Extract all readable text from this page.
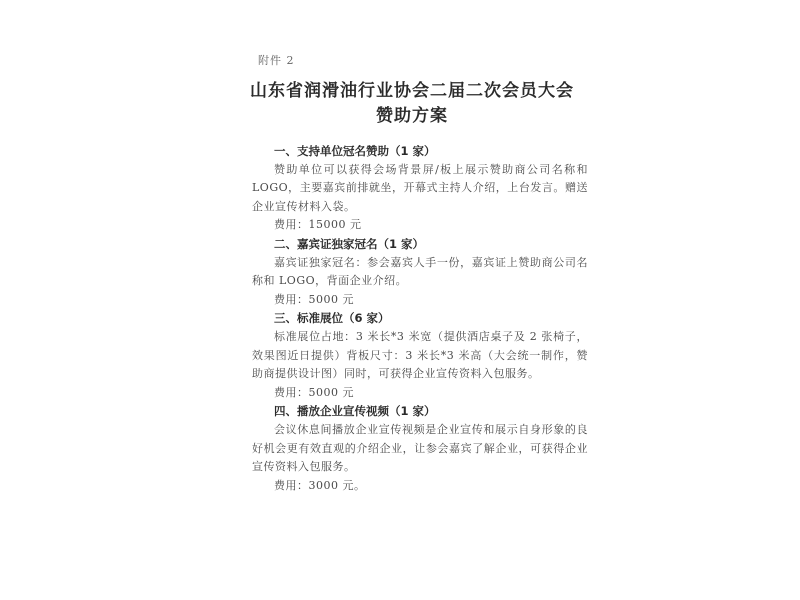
附件 2
山东省润滑油行业协会二届二次会员大会
赞助方案
一、支持单位冠名赞助（1 家）
赞助单位可以获得会场背景屏/板上展示赞助商公司名称和LOGO，主要嘉宾前排就坐，开幕式主持人介绍，上台发言。赠送企业宣传材料入袋。
费用：15000 元
二、嘉宾证独家冠名（1 家）
嘉宾证独家冠名：参会嘉宾人手一份，嘉宾证上赞助商公司名称和 LOGO，背面企业介绍。
费用：5000 元
三、标准展位（6 家）
标准展位占地：3 米长*3 米宽（提供酒店桌子及 2 张椅子，效果图近日提供）背板尺寸：3 米长*3 米高（大会统一制作，赞助商提供设计图）同时，可获得企业宣传资料入包服务。
费用：5000 元
四、播放企业宣传视频（1 家）
会议休息间播放企业宣传视频是企业宣传和展示自身形象的良好机会更有效直观的介绍企业，让参会嘉宾了解企业，可获得企业宣传资料入包服务。
费用：3000 元。
